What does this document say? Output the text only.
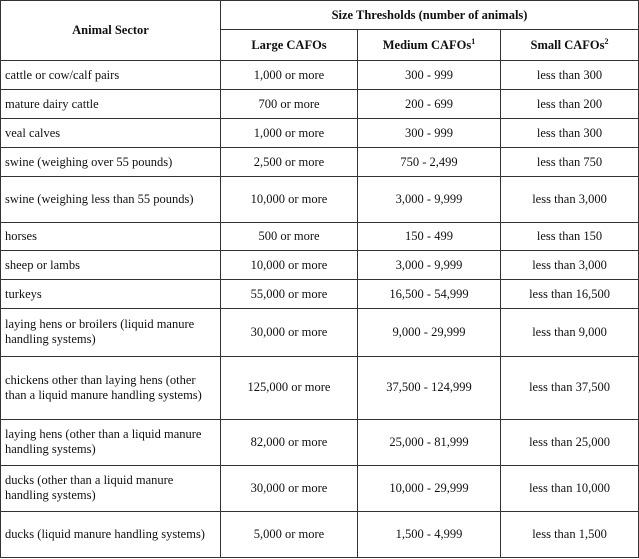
Animal Sector	Size Thresholds (number of animals)		
	Large CAFOs	Medium CAFOs$^1$	Small CAFOs$^2$
cattle or cow/calf pairs	1,000 or more	300 - 999	less than 300
mature dairy cattle	700 or more	200 - 699	less than 200
veal calves	1,000 or more	300 - 999	less than 300
swine (weighing over 55 pounds)	2,500 or more	750 - 2,499	less than 750
swine (weighing less than 55 pounds)	10,000 or more	3,000 - 9,999	less than 3,000
horses	500 or more	150 - 499	less than 150
sheep or lambs	10,000 or more	3,000 - 9,999	less than 3,000
turkeys	55,000 or more	16,500 - 54,999	less than 16,500
laying hens or broilers (liquid manure handling systems)	30,000 or more	9,000 - 29,999	less than 9,000
chickens other than laying hens (other than a liquid manure handling systems)	125,000 or more	37,500 - 124,999	less than 37,500
laying hens (other than a liquid manure handling systems)	82,000 or more	25,000 - 81,999	less than 25,000
ducks (other than a liquid manure handling systems)	30,000 or more	10,000 - 29,999	less than 10,000
ducks (liquid manure handling systems)	5,000 or more	1,500 - 4,999	less than 1,500
